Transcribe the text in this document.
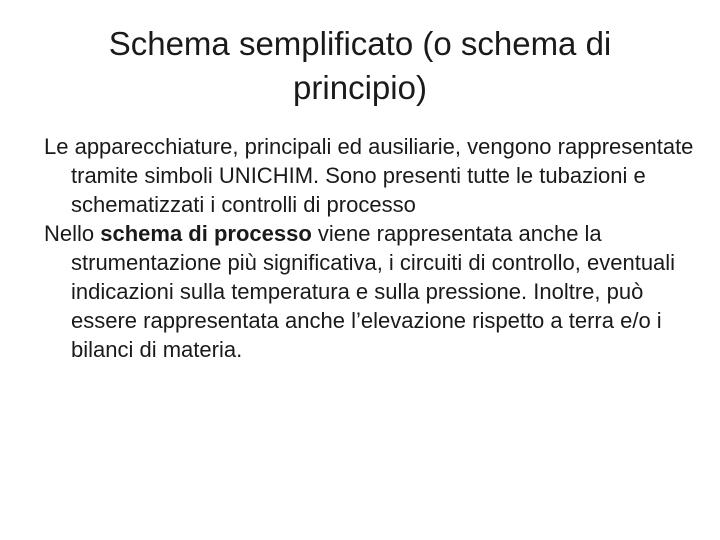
Schema semplificato (o schema di principio)

Le apparecchiature, principali ed ausiliarie, vengono rappresentate tramite simboli UNICHIM. Sono presenti tutte le tubazioni e schematizzati i controlli di processo

Nello schema di processo viene rappresentata anche la strumentazione più significativa, i circuiti di controllo, eventuali indicazioni sulla temperatura e sulla pressione. Inoltre, può essere rappresentata anche l’elevazione rispetto a terra e/o i bilanci di materia.
